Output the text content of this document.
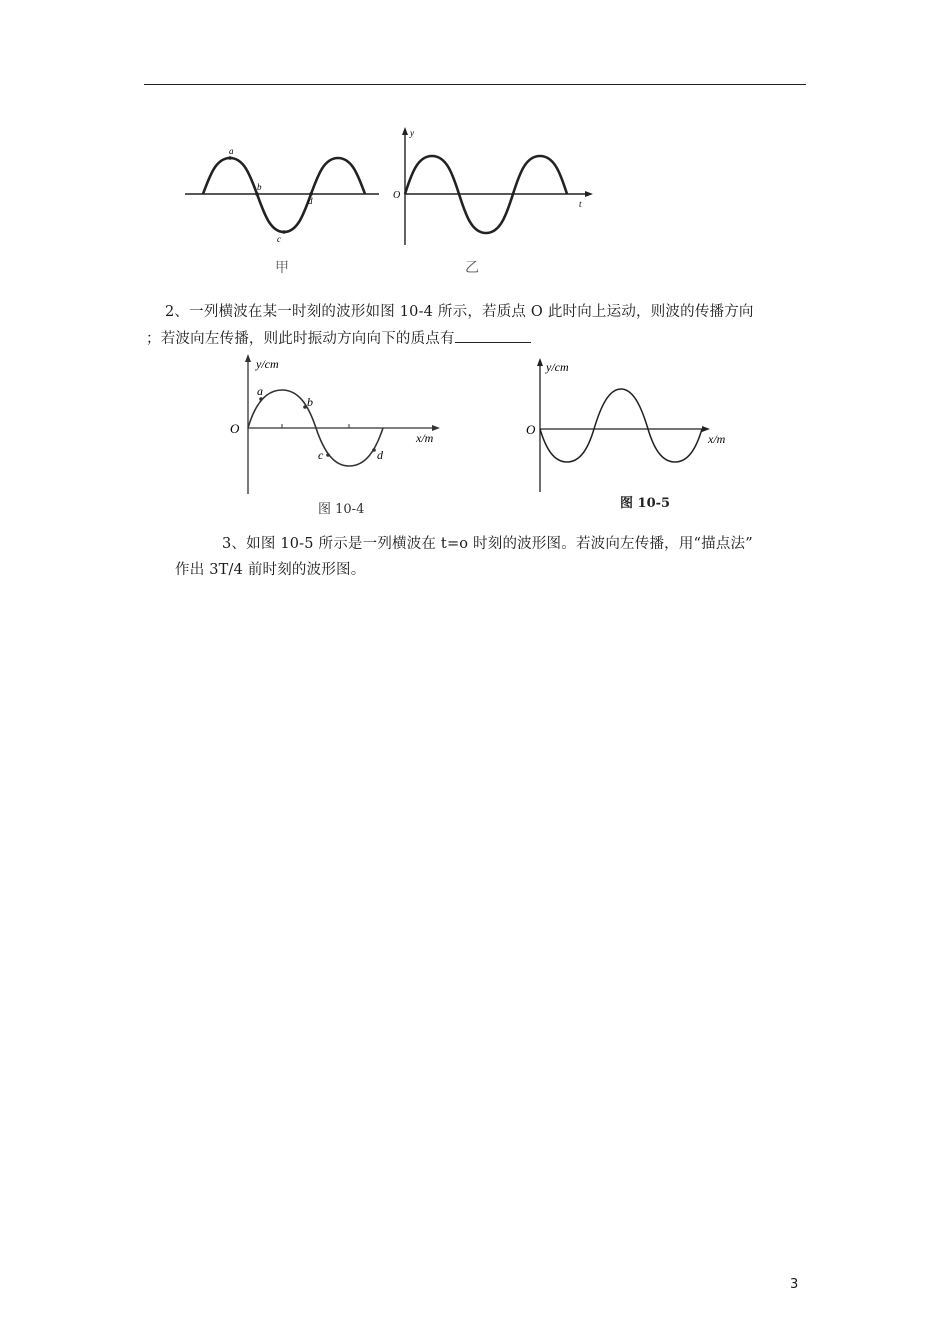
a
b
c
d
甲
y
O
t
乙
2、一列横波在某一时刻的波形如图 10-4 所示，若质点 O 此时向上运动，则波的传播方向
；若波向左传播，则此时振动方向向下的质点有
y/cm
O
x/m
a
b
c	d
图 10-4
y/cm
O
x/m
图 10-5
3、如图 10-5 所示是一列横波在 t=o 时刻的波形图。若波向左传播，用“描点法”
作出 3T/4 前时刻的波形图。
3
